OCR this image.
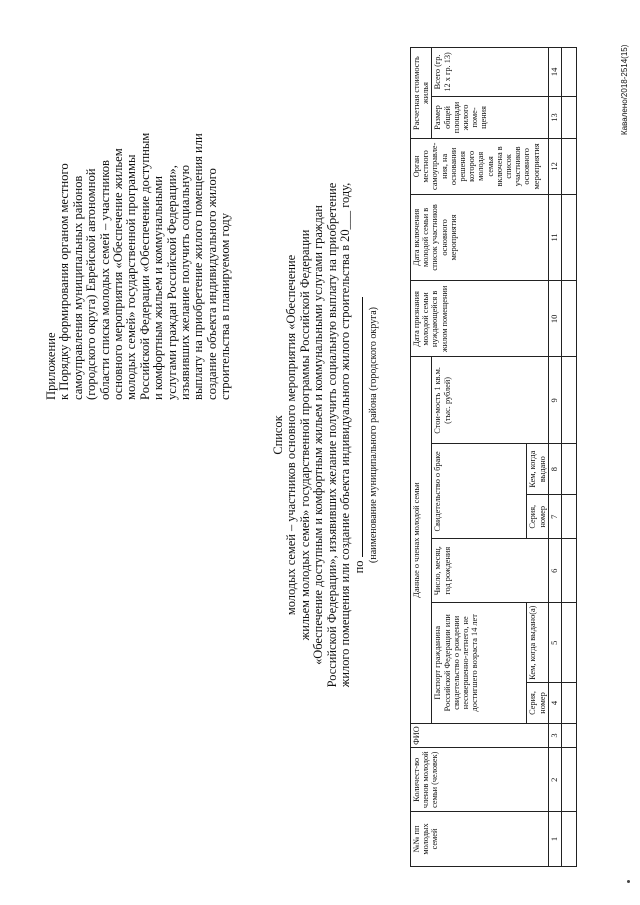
Приложение к Порядку формирования органом местного самоуправления муниципальных районов (городского округа) Еврейской автономной области списка молодых семей – участников основного мероприятия «Обеспечение жильем молодых семей» государственной программы Российской Федерации «Обеспечение доступным и комфортным жильем и коммунальными услугами граждан Российской Федерации», изъявивших желание получить социальную выплату на приобретение жилого помещения или создание объекта индивидуального жилого строительства в планируемом году
Список молодых семей – участников основного мероприятия «Обеспечение жильем молодых семей» государственной программы Российской Федерации «Обеспечение доступным и комфортным жильем и коммунальными услугами граждан Российской Федерации», изъявивших желание получить социальную выплату на приобретение жилого помещения или создание объекта индивидуального жилого строительства в 20___ году, по
(наименование муниципального района (городского округа)
№№ пп молодых семей	Количест-во членов молодой семьи (человек)	ФИО	Данные о членах молодой семьи						Дата признания молодой семьи нуждающейся в жилом помещении	Дата включения молодой семьи в список участников основного мероприятия	Орган местного самоуправле-ния, на основании решения которого молодая семья включена в список участников основного мероприятия	Расчетная стоимость жилья	
			Паспорт гражданина Российской Федерации или свидетельство о рождении несовершенно-летнего, не достигшего возраста 14 лет		Число, месяц, год рождения	Свидетельство о браке		Стои-мость 1 кв.м. (тыс. рублей)				Размер общей площади жилого поме-щения	Всего (гр. 12 х гр. 13)
			Серия, номер	Кем, когда выдано(а)		Серия, номер	Кем, когда выдано						
1	2	3	4	5	6	7	8	9	10	11	12	13	14
														Кавалено/2018-2514(15)
